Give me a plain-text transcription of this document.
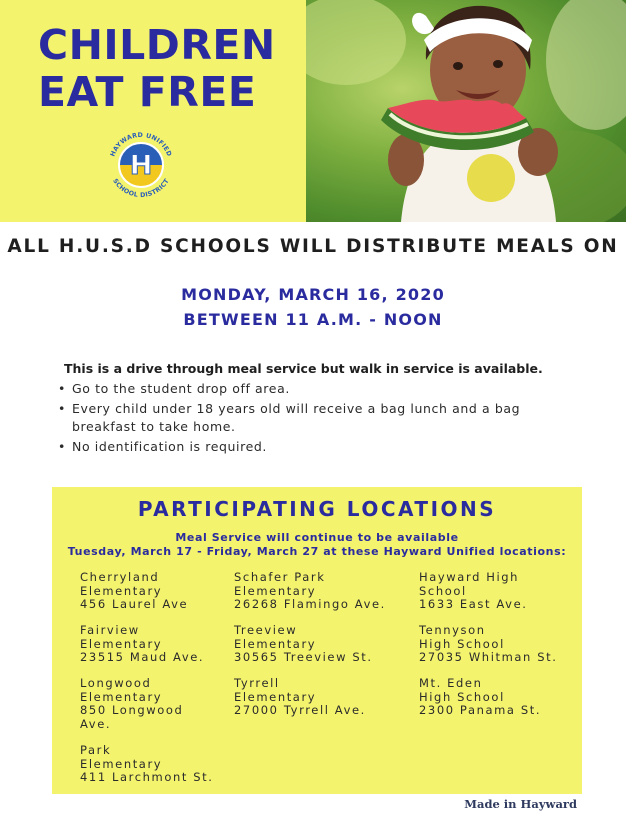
CHILDREN
EAT FREE
H
HAYWARD UNIFIED
SCHOOL DISTRICT
ALL H.U.S.D SCHOOLS WILL DISTRIBUTE MEALS ON
MONDAY, MARCH 16, 2020
BETWEEN 11 A.M. - NOON

This is a drive through meal service but walk in service is available.

• Go to the student drop off area.
• Every child under 18 years old will receive a bag lunch and a bag breakfast to take home.
• No identification is required.
PARTICIPATING LOCATIONS
Meal Service will continue to be available
Tuesday, March 17 - Friday, March 27 at these Hayward Unified locations:
Cherryland
Elementary
456 Laurel Ave
Fairview
Elementary
23515 Maud Ave.
Longwood
Elementary
850 Longwood
Ave.
Park
Elementary
411 Larchmont St.
Schafer Park
Elementary
26268 Flamingo Ave.
Treeview
Elementary
30565 Treeview St.
Tyrrell
Elementary
27000 Tyrrell Ave.
Hayward High
School
1633 East Ave.
Tennyson
High School
27035 Whitman St.
Mt. Eden
High School
2300 Panama St.
Made in Hayward
